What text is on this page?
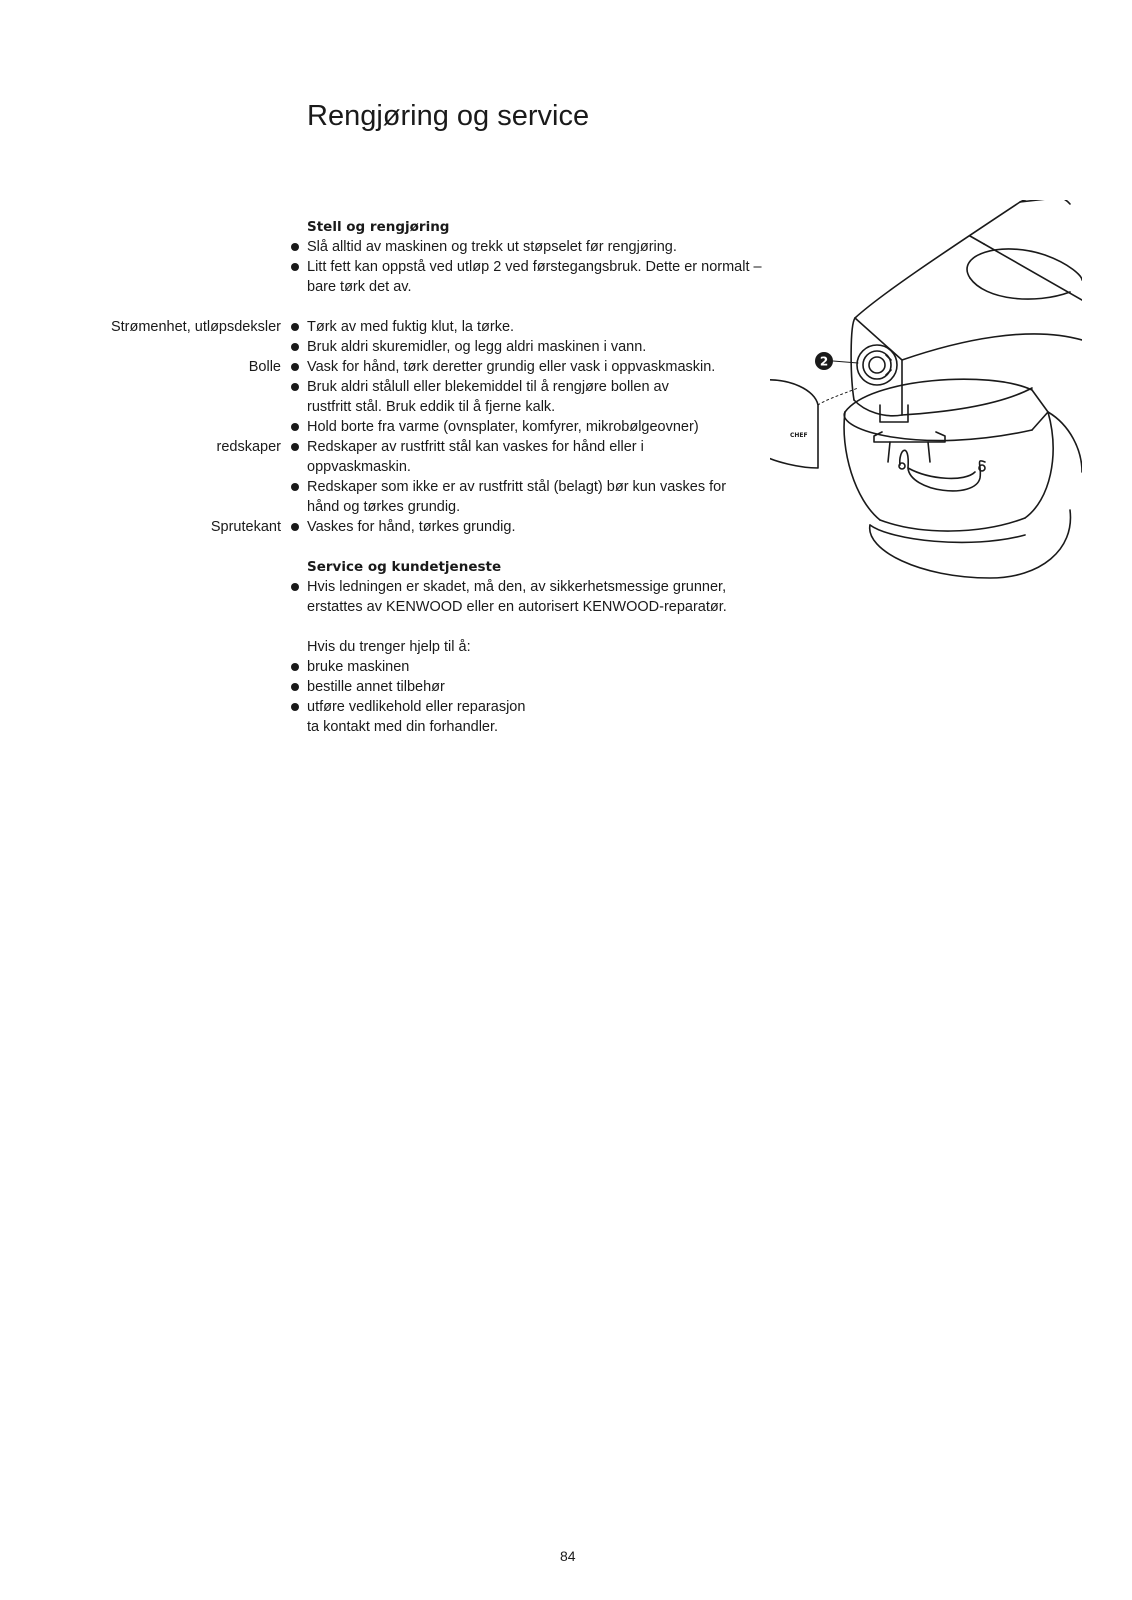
Rengjøring og service
Stell og rengjøring
Slå alltid av maskinen og trekk ut støpselet før rengjøring.
Litt fett kan oppstå ved utløp 2 ved førstegangsbruk. Dette er normalt –
bare tørk det av.
Strømenhet, utløpsdeksler Tørk av med fuktig klut, la tørke.
Bruk aldri skuremidler, og legg aldri maskinen i vann.
Bolle Vask for hånd, tørk deretter grundig eller vask i oppvaskmaskin.
Bruk aldri stålull eller blekemiddel til å rengjøre bollen av
rustfritt stål. Bruk eddik til å fjerne kalk.
Hold borte fra varme (ovnsplater, komfyrer, mikrobølgeovner)
redskaper Redskaper av rustfritt stål kan vaskes for hånd eller i
oppvaskmaskin.
Redskaper som ikke er av rustfritt stål (belagt) bør kun vaskes for
hånd og tørkes grundig.
Sprutekant Vaskes for hånd, tørkes grundig.
Service og kundetjeneste
Hvis ledningen er skadet, må den, av sikkerhetsmessige grunner,
erstattes av KENWOOD eller en autorisert KENWOOD-reparatør.
Hvis du trenger hjelp til å:
bruke maskinen
bestille annet tilbehør
utføre vedlikehold eller reparasjon
ta kontakt med din forhandler.
2
CHEF
84
